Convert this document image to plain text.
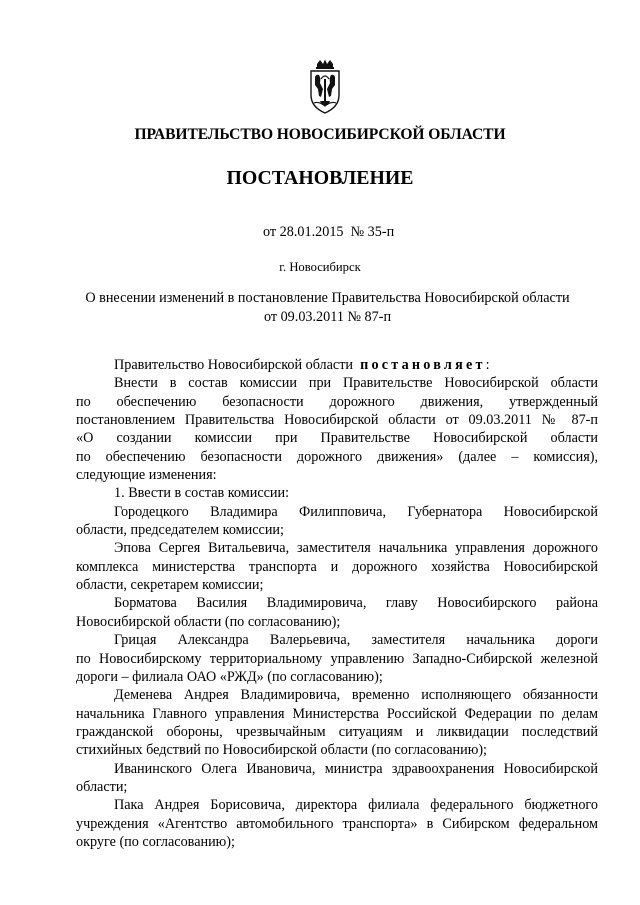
ПРАВИТЕЛЬСТВО НОВОСИБИРСКОЙ ОБЛАСТИ
ПОСТАНОВЛЕНИЕ
от 28.01.2015 № 35-п
г. Новосибирск
О внесении изменений в постановление Правительства Новосибирской области
от 09.03.2011 № 87-п
Правительство Новосибирской области постановляет:
Внести в состав комиссии при Правительстве Новосибирской области
по обеспечению безопасности дорожного движения, утвержденный
постановлением Правительства Новосибирской области от 09.03.2011 № 87-п
«О создании комиссии при Правительстве Новосибирской области
по обеспечению безопасности дорожного движения» (далее – комиссия),
следующие изменения:
1. Ввести в состав комиссии:
Городецкого Владимира Филипповича, Губернатора Новосибирской
области, председателем комиссии;
Эпова Сергея Витальевича, заместителя начальника управления дорожного
комплекса министерства транспорта и дорожного хозяйства Новосибирской
области, секретарем комиссии;
Борматова Василия Владимировича, главу Новосибирского района
Новосибирской области (по согласованию);
Грицая Александра Валерьевича, заместителя начальника дороги
по Новосибирскому территориальному управлению Западно-Сибирской железной
дороги – филиала ОАО «РЖД» (по согласованию);
Деменева Андрея Владимировича, временно исполняющего обязанности
начальника Главного управления Министерства Российской Федерации по делам
гражданской обороны, чрезвычайным ситуациям и ликвидации последствий
стихийных бедствий по Новосибирской области (по согласованию);
Иванинского Олега Ивановича, министра здравоохранения Новосибирской
области;
Пака Андрея Борисовича, директора филиала федерального бюджетного
учреждения «Агентство автомобильного транспорта» в Сибирском федеральном
округе (по согласованию);
